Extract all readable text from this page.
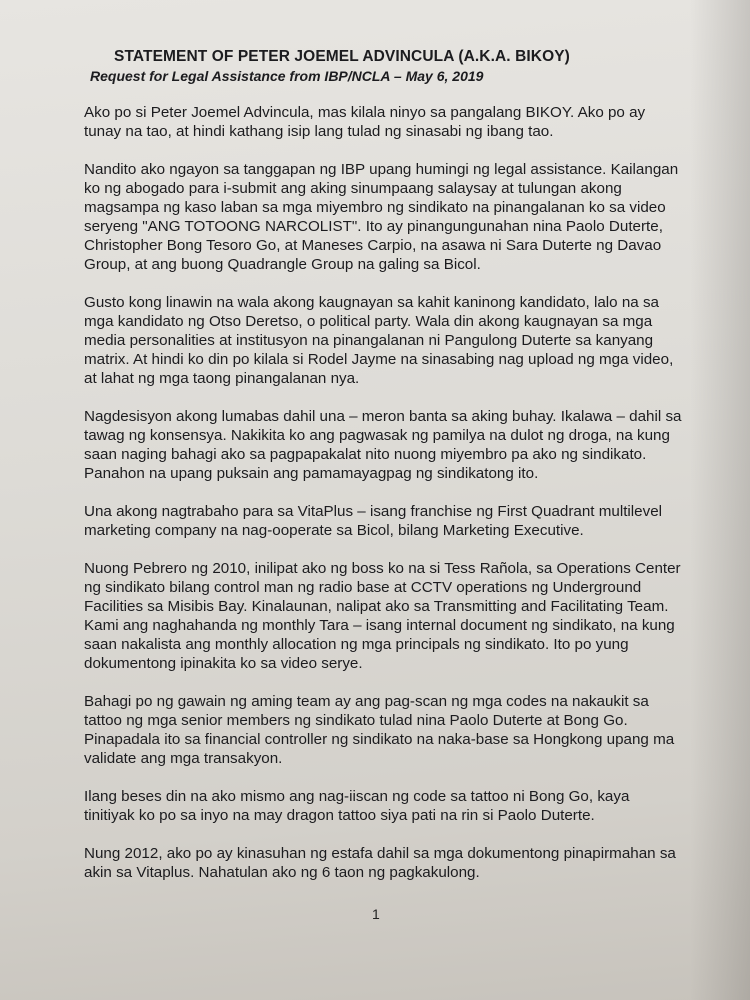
STATEMENT OF PETER JOEMEL ADVINCULA (A.K.A. BIKOY)
Request for Legal Assistance from IBP/NCLA – May 6, 2019

Ako po si Peter Joemel Advincula, mas kilala ninyo sa pangalang BIKOY. Ako po ay tunay na tao, at hindi kathang isip lang tulad ng sinasabi ng ibang tao.

Nandito ako ngayon sa tanggapan ng IBP upang humingi ng legal assistance. Kailangan ko ng abogado para i-submit ang aking sinumpaang salaysay at tulungan akong magsampa ng kaso laban sa mga miyembro ng sindikato na pinangalanan ko sa video seryeng "ANG TOTOONG NARCOLIST". Ito ay pinangungunahan nina Paolo Duterte, Christopher Bong Tesoro Go, at Maneses Carpio, na asawa ni Sara Duterte ng Davao Group, at ang buong Quadrangle Group na galing sa Bicol.

Gusto kong linawin na wala akong kaugnayan sa kahit kaninong kandidato, lalo na sa mga kandidato ng Otso Deretso, o political party. Wala din akong kaugnayan sa mga media personalities at institusyon na pinangalanan ni Pangulong Duterte sa kanyang matrix. At hindi ko din po kilala si Rodel Jayme na sinasabing nag upload ng mga video, at lahat ng mga taong pinangalanan nya.

Nagdesisyon akong lumabas dahil una – meron banta sa aking buhay. Ikalawa – dahil sa tawag ng konsensya. Nakikita ko ang pagwasak ng pamilya na dulot ng droga, na kung saan naging bahagi ako sa pagpapakalat nito nuong miyembro pa ako ng sindikato. Panahon na upang puksain ang pamamayagpag ng sindikatong ito.

Una akong nagtrabaho para sa VitaPlus – isang franchise ng First Quadrant multilevel marketing company na nag-ooperate sa Bicol, bilang Marketing Executive.

Nuong Pebrero ng 2010, inilipat ako ng boss ko na si Tess Rañola, sa Operations Center ng sindikato bilang control man ng radio base at CCTV operations ng Underground Facilities sa Misibis Bay. Kinalaunan, nalipat ako sa Transmitting and Facilitating Team. Kami ang naghahanda ng monthly Tara – isang internal document ng sindikato, na kung saan nakalista ang monthly allocation ng mga principals ng sindikato. Ito po yung dokumentong ipinakita ko sa video serye.

Bahagi po ng gawain ng aming team ay ang pag-scan ng mga codes na nakaukit sa tattoo ng mga senior members ng sindikato tulad nina Paolo Duterte at Bong Go. Pinapadala ito sa financial controller ng sindikato na naka-base sa Hongkong upang ma validate ang mga transakyon.

Ilang beses din na ako mismo ang nag-iiscan ng code sa tattoo ni Bong Go, kaya tinitiyak ko po sa inyo na may dragon tattoo siya pati na rin si Paolo Duterte.

Nung 2012, ako po ay kinasuhan ng estafa dahil sa mga dokumentong pinapirmahan sa akin sa Vitaplus. Nahatulan ako ng 6 taon ng pagkakulong.

1
